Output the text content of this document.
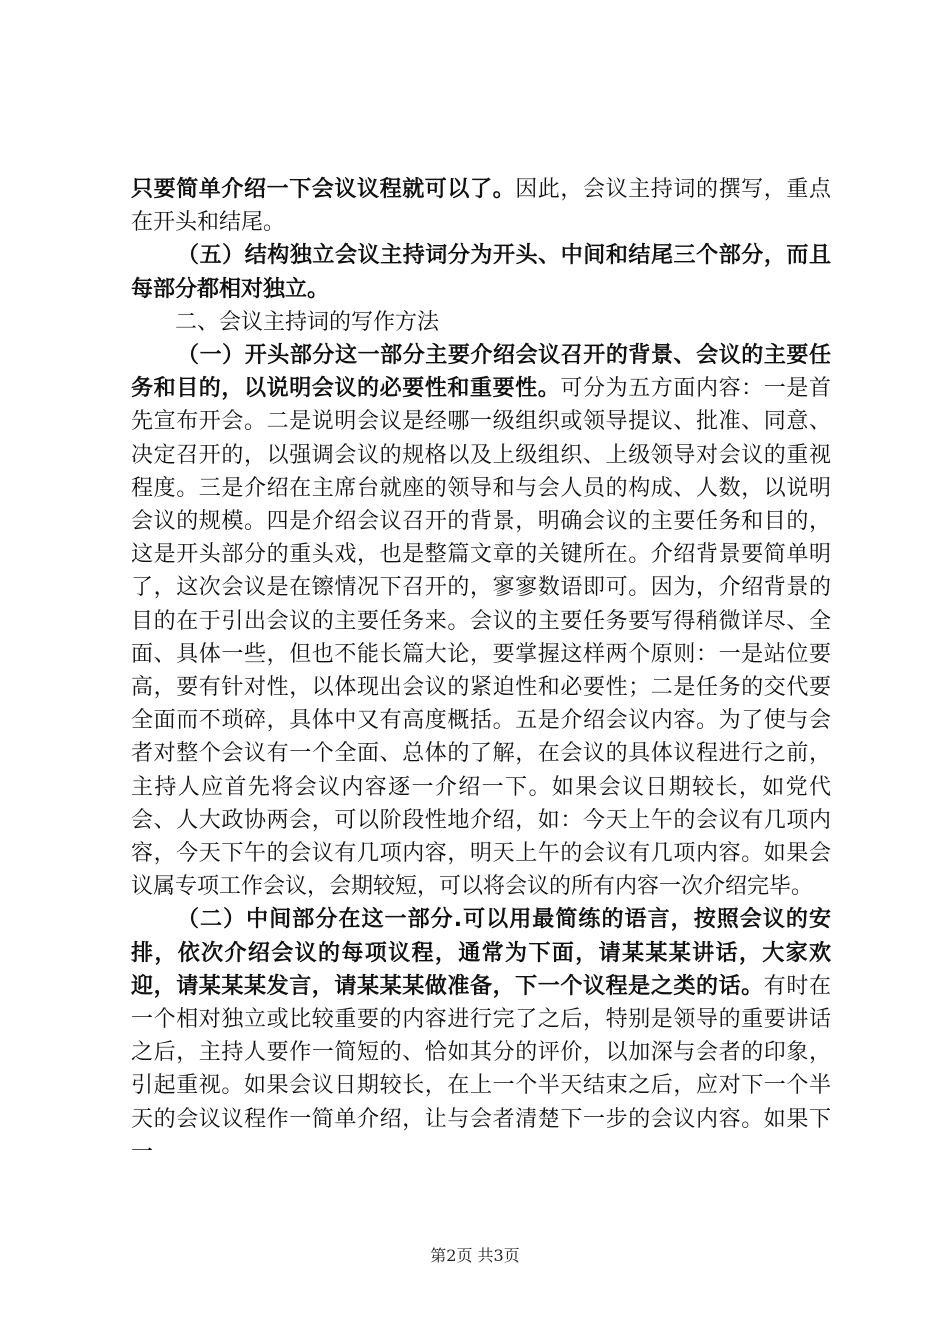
只要简单介绍一下会议议程就可以了。因此，会议主持词的撰写，重点在开头和结尾。

（五）结构独立会议主持词分为开头、中间和结尾三个部分，而且每部分都相对独立。

二、会议主持词的写作方法

（一）开头部分这一部分主要介绍会议召开的背景、会议的主要任务和目的，以说明会议的必要性和重要性。可分为五方面内容：一是首先宣布开会。二是说明会议是经哪一级组织或领导提议、批准、同意、决定召开的，以强调会议的规格以及上级组织、上级领导对会议的重视程度。三是介绍在主席台就座的领导和与会人员的构成、人数，以说明会议的规模。四是介绍会议召开的背景，明确会议的主要任务和目的，这是开头部分的重头戏，也是整篇文章的关键所在。介绍背景要简单明了，这次会议是在镲情况下召开的，寥寥数语即可。因为，介绍背景的目的在于引出会议的主要任务来。会议的主要任务要写得稍微详尽、全面、具体一些，但也不能长篇大论，要掌握这样两个原则：一是站位要高，要有针对性，以体现出会议的紧迫性和必要性；二是任务的交代要全面而不琐碎，具体中又有高度概括。五是介绍会议内容。为了使与会者对整个会议有一个全面、总体的了解，在会议的具体议程进行之前，主持人应首先将会议内容逐一介绍一下。如果会议日期较长，如党代会、人大政协两会，可以阶段性地介绍，如：今天上午的会议有几项内容，今天下午的会议有几项内容，明天上午的会议有几项内容。如果会议属专项工作会议，会期较短，可以将会议的所有内容一次介绍完毕。

（二）中间部分在这一部分.可以用最简练的语言，按照会议的安排，依次介绍会议的每项议程，通常为下面，请某某某讲话，大家欢迎，请某某某发言，请某某某做准备，下一个议程是之类的话。有时在一个相对独立或比较重要的内容进行完了之后，特别是领导的重要讲话之后，主持人要作一简短的、恰如其分的评价，以加深与会者的印象，引起重视。如果会议日期较长，在上一个半天结束之后，应对下一个半天的会议议程作一简单介绍，让与会者清楚下一步的会议内容。如果下一

第2页 共3页
